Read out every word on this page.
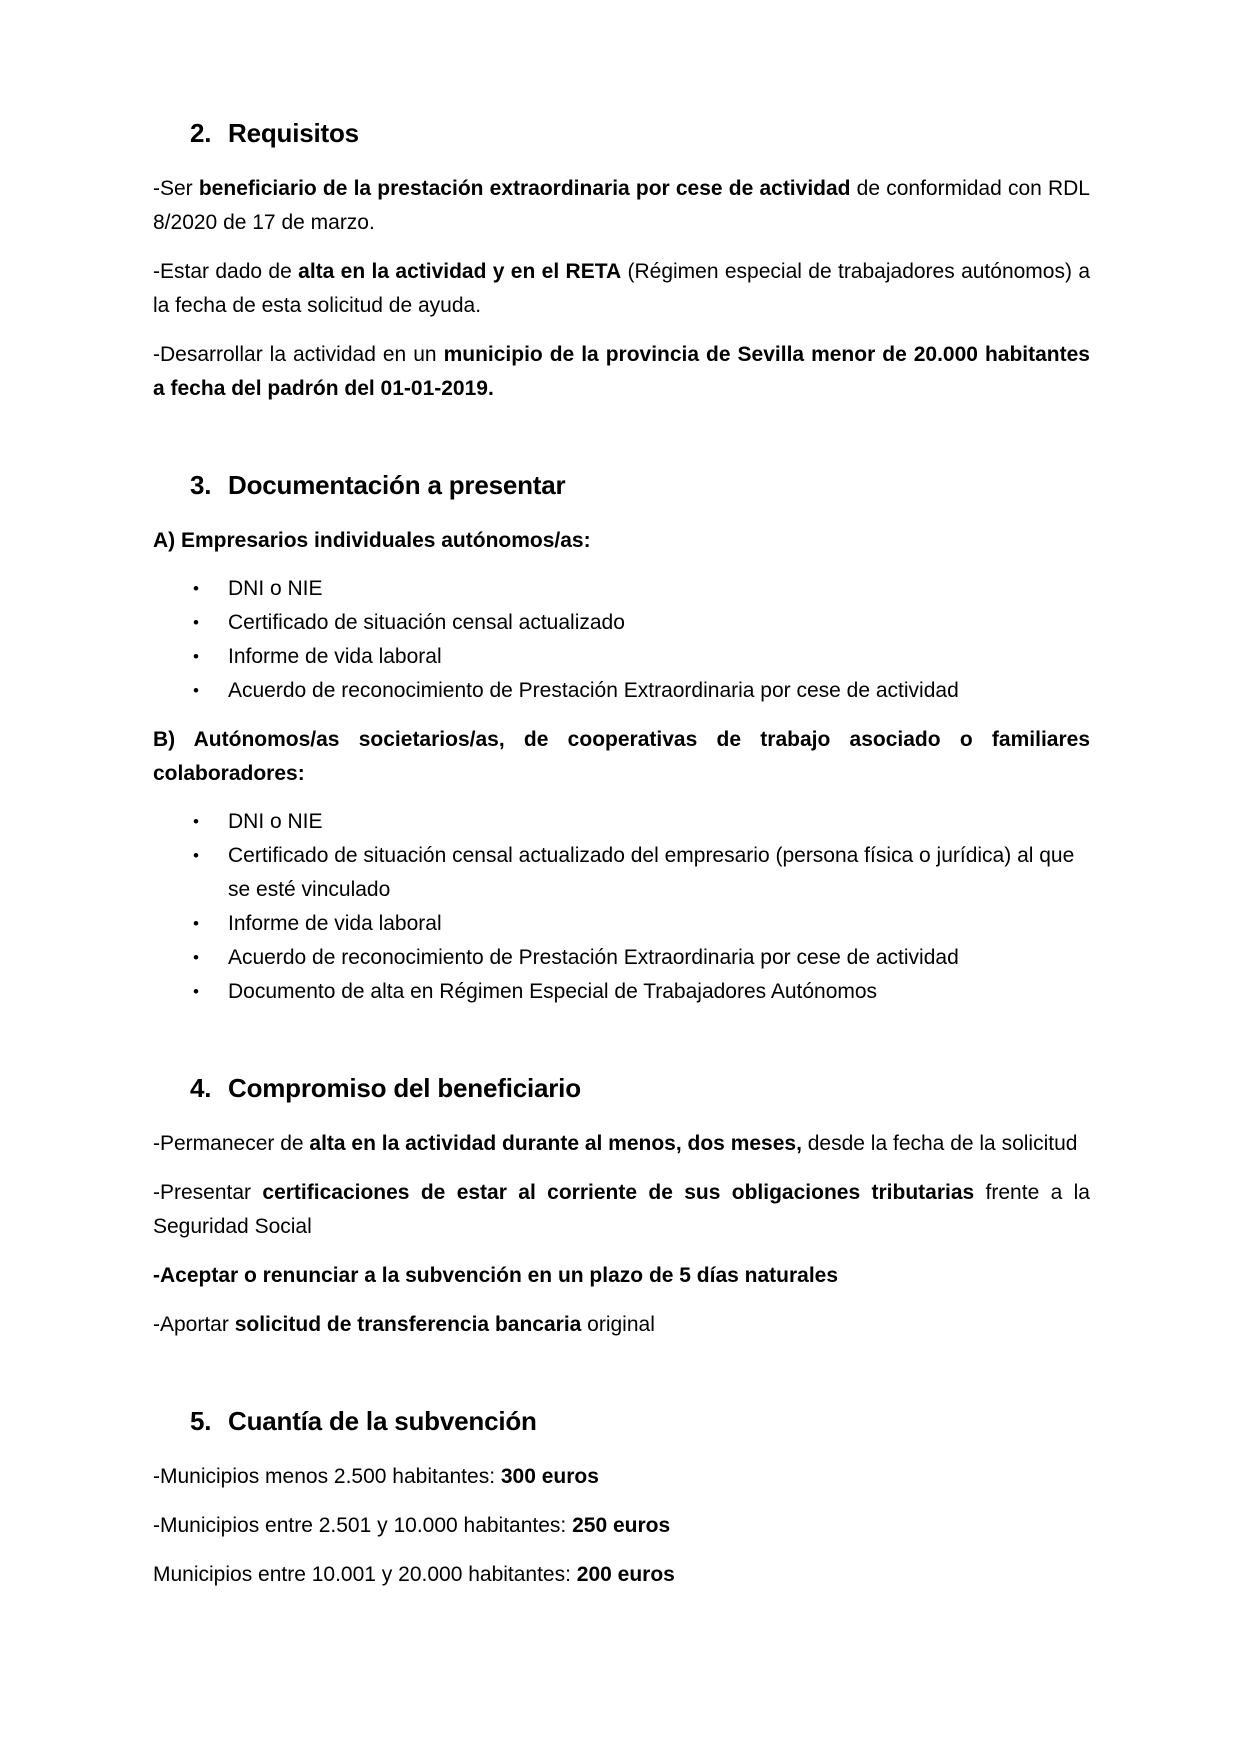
2. Requisitos

-Ser beneficiario de la prestación extraordinaria por cese de actividad de conformidad con RDL 8/2020 de 17 de marzo.

-Estar dado de alta en la actividad y en el RETA (Régimen especial de trabajadores autónomos) a la fecha de esta solicitud de ayuda.

-Desarrollar la actividad en un municipio de la provincia de Sevilla menor de 20.000 habitantes a fecha del padrón del 01-01-2019.

3. Documentación a presentar

A) Empresarios individuales autónomos/as:

•	DNI o NIE
•	Certificado de situación censal actualizado
•	Informe de vida laboral
•	Acuerdo de reconocimiento de Prestación Extraordinaria por cese de actividad

B) Autónomos/as societarios/as, de cooperativas de trabajo asociado o familiares colaboradores:

•	DNI o NIE
•	Certificado de situación censal actualizado del empresario (persona física o jurídica) al que se esté vinculado
•	Informe de vida laboral
•	Acuerdo de reconocimiento de Prestación Extraordinaria por cese de actividad
•	Documento de alta en Régimen Especial de Trabajadores Autónomos
4. Compromiso del beneficiario

-Permanecer de alta en la actividad durante al menos, dos meses, desde la fecha de la solicitud

-Presentar certificaciones de estar al corriente de sus obligaciones tributarias frente a la Seguridad Social

-Aceptar o renunciar a la subvención en un plazo de 5 días naturales

-Aportar solicitud de transferencia bancaria original

5. Cuantía de la subvención

-Municipios menos 2.500 habitantes: 300 euros

-Municipios entre 2.501 y 10.000 habitantes: 250 euros

Municipios entre 10.001 y 20.000 habitantes: 200 euros
